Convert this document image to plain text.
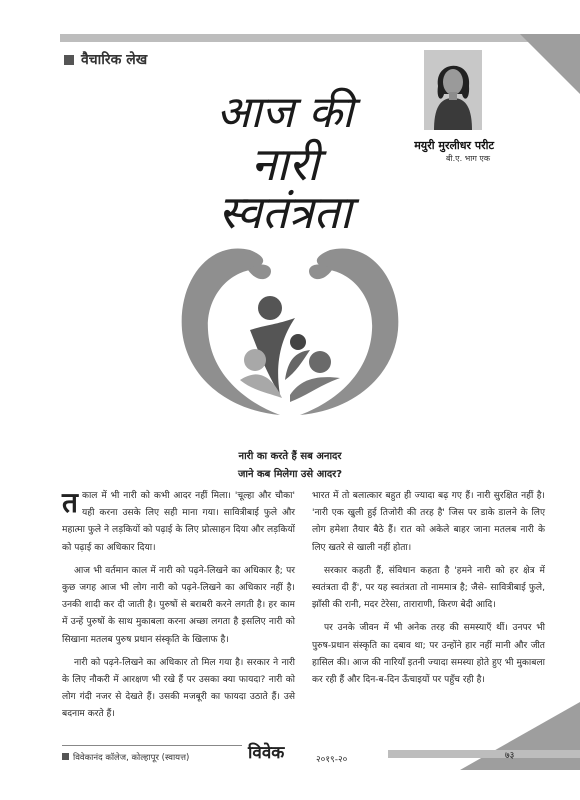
वैचारिक लेख
मयुरी मुरलीधर परीट
बी.ए. भाग एक
आज की
नारी स्वतंत्रता
नारी का करते हैं सब अनादर
जाने कब मिलेगा उसे आदर?

तकाल में भी नारी को कभी आदर नहीं मिला। 'चूल्हा और चौका' यही करना उसके लिए सही माना गया। सावित्रीबाई फुले और महात्मा फुले ने लड़कियों को पढ़ाई के लिए प्रोत्साहन दिया और लड़कियों को पढ़ाई का अधिकार दिया।

आज भी वर्तमान काल में नारी को पढ़ने-लिखने का अधिकार है; पर कुछ जगह आज भी लोग नारी को पढ़ने-लिखने का अधिकार नहीं है। उनकी शादी कर दी जाती है। पुरुषों से बराबरी करने लगती है। हर काम में उन्हें पुरुषों के साथ मुकाबला करना अच्छा लगता है इसलिए नारी को सिखाना मतलब पुरुष प्रधान संस्कृति के खिलाफ है।

नारी को पढ़ने-लिखने का अधिकार तो मिल गया है। सरकार ने नारी के लिए नौकरी में आरक्षण भी रखे हैं पर उसका क्या फायदा? नारी को लोग गंदी नजर से देखते हैं। उसकी मजबूरी का फायदा उठाते हैं। उसे बदनाम करते हैं।

भारत में तो बलात्कार बहुत ही ज्यादा बढ़ गए हैं। नारी सुरक्षित नहीं है। 'नारी एक खुली हुई तिजोरी की तरह है' जिस पर डाके डालने के लिए लोग हमेशा तैयार बैठे हैं। रात को अकेले बाहर जाना मतलब नारी के लिए खतरे से खाली नहीं होता।

सरकार कहती हैं, संविधान कहता है 'हमने नारी को हर क्षेत्र में स्वतंत्रता दी हैं', पर यह स्वतंत्रता तो नाममात्र है; जैसे- सावित्रीबाई फुले, झाँसी की रानी, मदर टेरेसा, ताराराणी, किरण बेदी आदि।

पर उनके जीवन में भी अनेक तरह की समस्याएँ थीं। उनपर भी पुरुष-प्रधान संस्कृति का दबाव था; पर उन्होंने हार नहीं मानी और जीत हासिल की। आज की नारियाँ इतनी ज्यादा समस्या होते हुए भी मुकाबला कर रही हैं और दिन-ब-दिन ऊँचाइयों पर पहुँच रही है।

विवेकानंद कॉलेज, कोल्हापूर (स्वायत्त)	विवेक	२०१९-२०	७३
